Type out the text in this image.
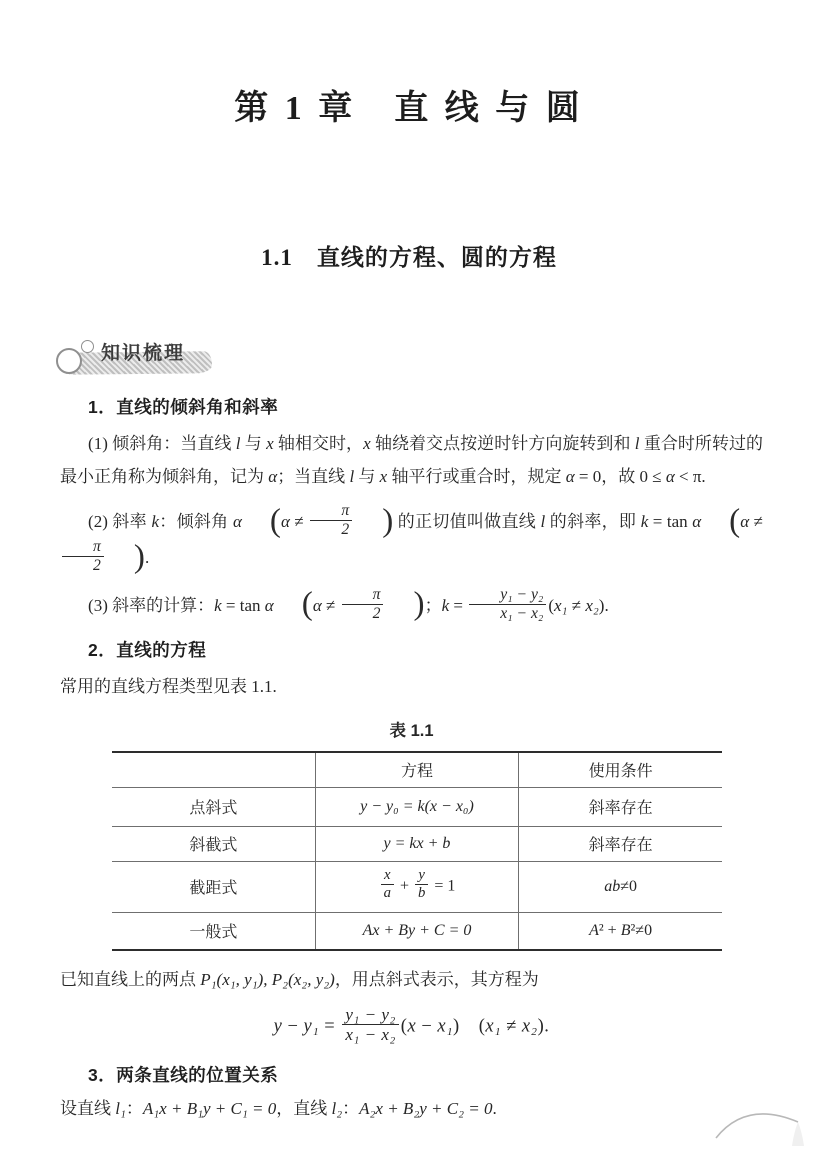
第 1 章　直 线 与 圆
1.1　直线的方程、圆的方程
知识梳理
1．直线的倾斜角和斜率

(1) 倾斜角：当直线 l 与 x 轴相交时，x 轴绕着交点按逆时针方向旋转到和 l 重合时所转过的最小正角称为倾斜角，记为 α；当直线 l 与 x 轴平行或重合时，规定 α = 0，故 0 ≤ α < π.

(2) 斜率 k：倾斜角 α ($\alpha \ne \frac{\pi}{2}$ ) 的正切值叫做直线 l 的斜率，即 k = tan α (α ≠
$\frac{\pi}{2}$ ).

(3) 斜率的计算：k = tan α ($\alpha \ne \frac{\pi}{2}$ )；$k = \frac{\text{y₁ − y₂}}{\text{x₁ − x₂}} (x_1 \ne x_2)$.

2．直线的方程

常用的直线方程类型见表 1.1.

表 1.1
	方程	使用条件
点斜式	y − y₀ = k(x − x₀)	斜率存在
斜截式	y = kx + b	斜率存在
截距式	$\frac{x}{a} + \frac{y}{b} = 1$	ab≠0
一般式	Ax + By + C = 0	A² + B²≠0

已知直线上的两点 P₁(x₁, y₁), P₂(x₂, y₂)，用点斜式表示，其方程为

$y - y_1 = \frac{\text{y₁ − y₂}}{\text{x₁ − x₂}} (x - x_1)$　(x₁ ≠ x₂).
3．两条直线的位置关系

设直线 l₁：A₁x + B₁y + C₁ = 0，直线 l₂：A₂x + B₂y + C₂ = 0.
